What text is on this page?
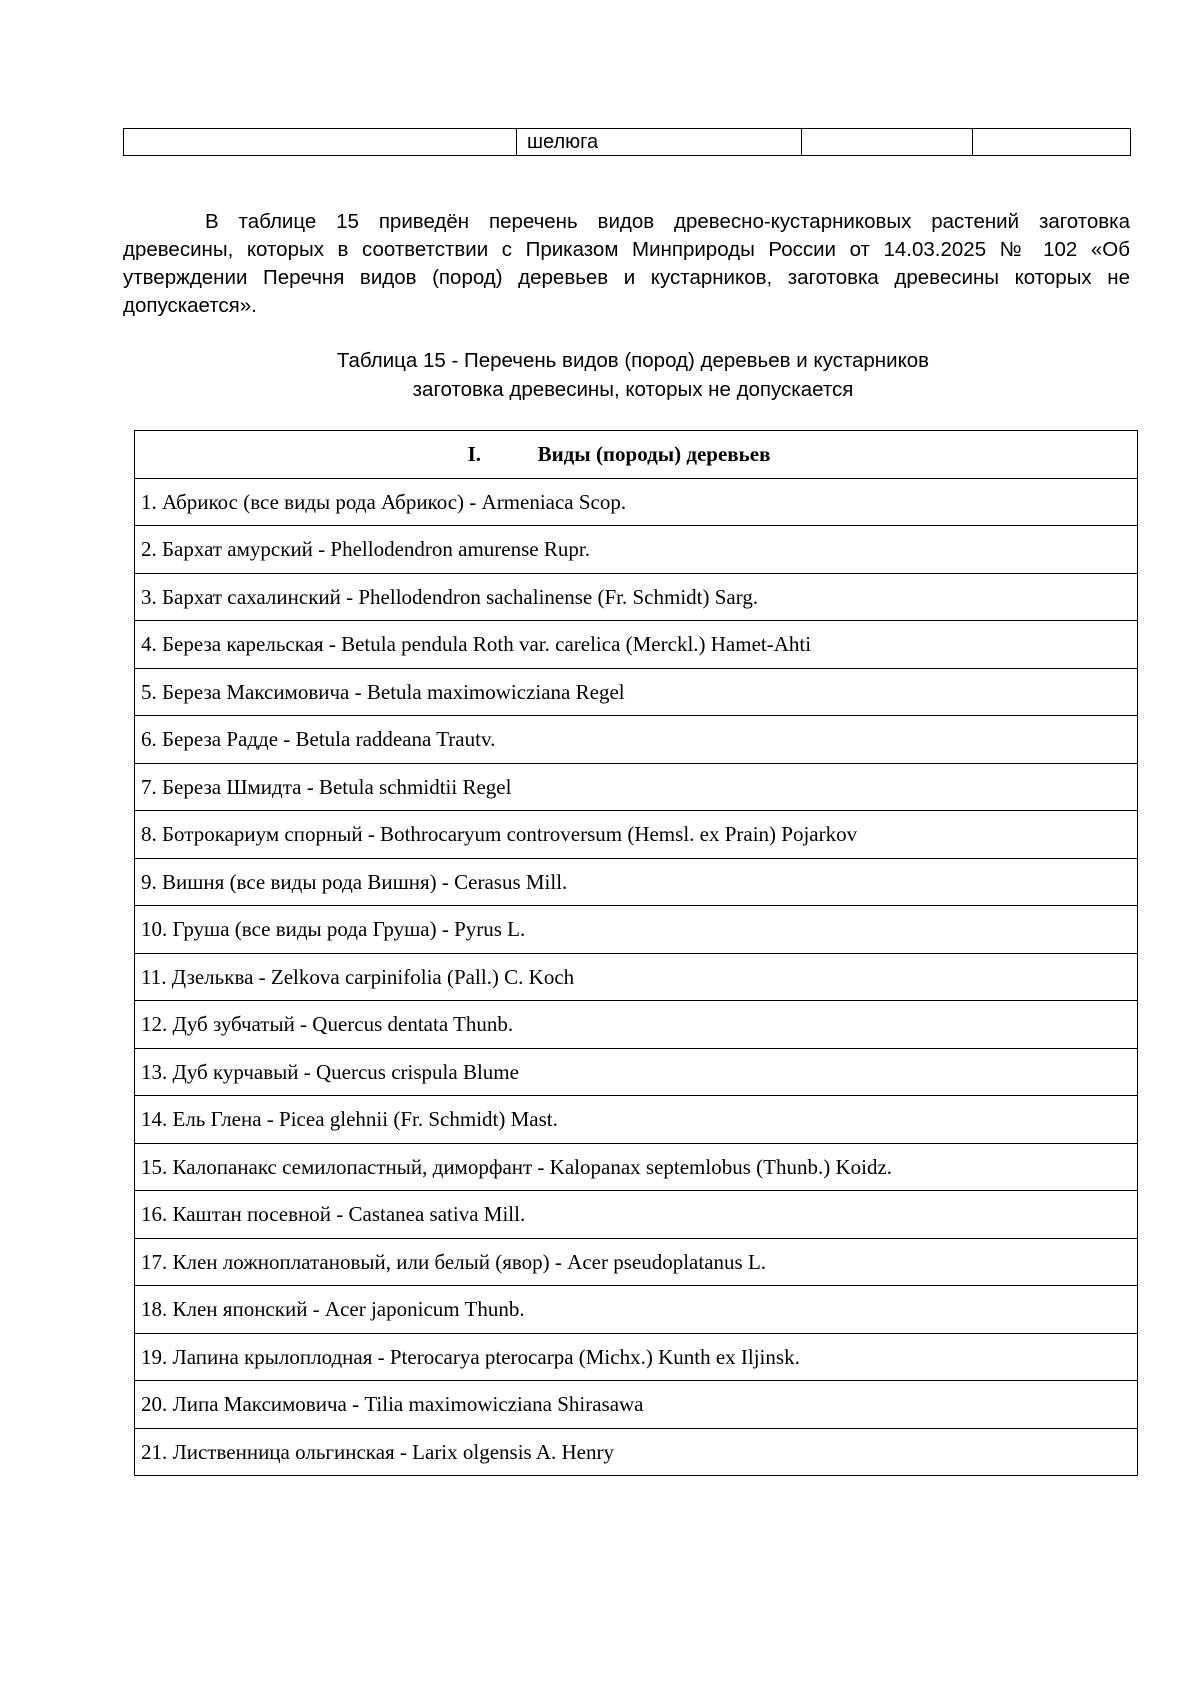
	шелюга		

В таблице 15 приведён перечень видов древесно-кустарниковых растений заготовка древесины, которых в соответствии с Приказом Минприроды России от 14.03.2025 № 102 «Об утверждении Перечня видов (пород) деревьев и кустарников, заготовка древесины которых не допускается».

Таблица 15 - Перечень видов (пород) деревьев и кустарников
заготовка древесины, которых не допускается
I.	Виды (породы) деревьев
1. Абрикос (все виды рода Абрикос) - Armeniaca Scop.
2. Бархат амурский - Phellodendron amurense Rupr.
3. Бархат сахалинский - Phellodendron sachalinense (Fr. Schmidt) Sarg.
4. Береза карельская - Betula pendula Roth var. carelica (Merckl.) Hamet-Ahti
5. Береза Максимовича - Betula maximowicziana Regel
6. Береза Радде - Betula raddeana Trautv.
7. Береза Шмидта - Betula schmidtii Regel
8. Ботрокариум спорный - Bothrocaryum controversum (Hemsl. ex Prain) Pojarkov
9. Вишня (все виды рода Вишня) - Cerasus Mill.
10. Груша (все виды рода Груша) - Pyrus L.
11. Дзельква - Zelkova carpinifolia (Pall.) C. Koch
12. Дуб зубчатый - Quercus dentata Thunb.
13. Дуб курчавый - Quercus crispula Blume
14. Ель Глена - Picea glehnii (Fr. Schmidt) Mast.
15. Калопанакс семилопастный, диморфант - Kalopanax septemlobus (Thunb.) Koidz.
16. Каштан посевной - Castanea sativa Mill.
17. Клен ложноплатановый, или белый (явор) - Acer pseudoplatanus L.
18. Клен японский - Acer japonicum Thunb.
19. Лапина крылоплодная - Pterocarya pterocarpa (Michx.) Kunth ex Iljinsk.
20. Липа Максимовича - Tilia maximowicziana Shirasawa
21. Лиственница ольгинская - Larix olgensis A. Henry
